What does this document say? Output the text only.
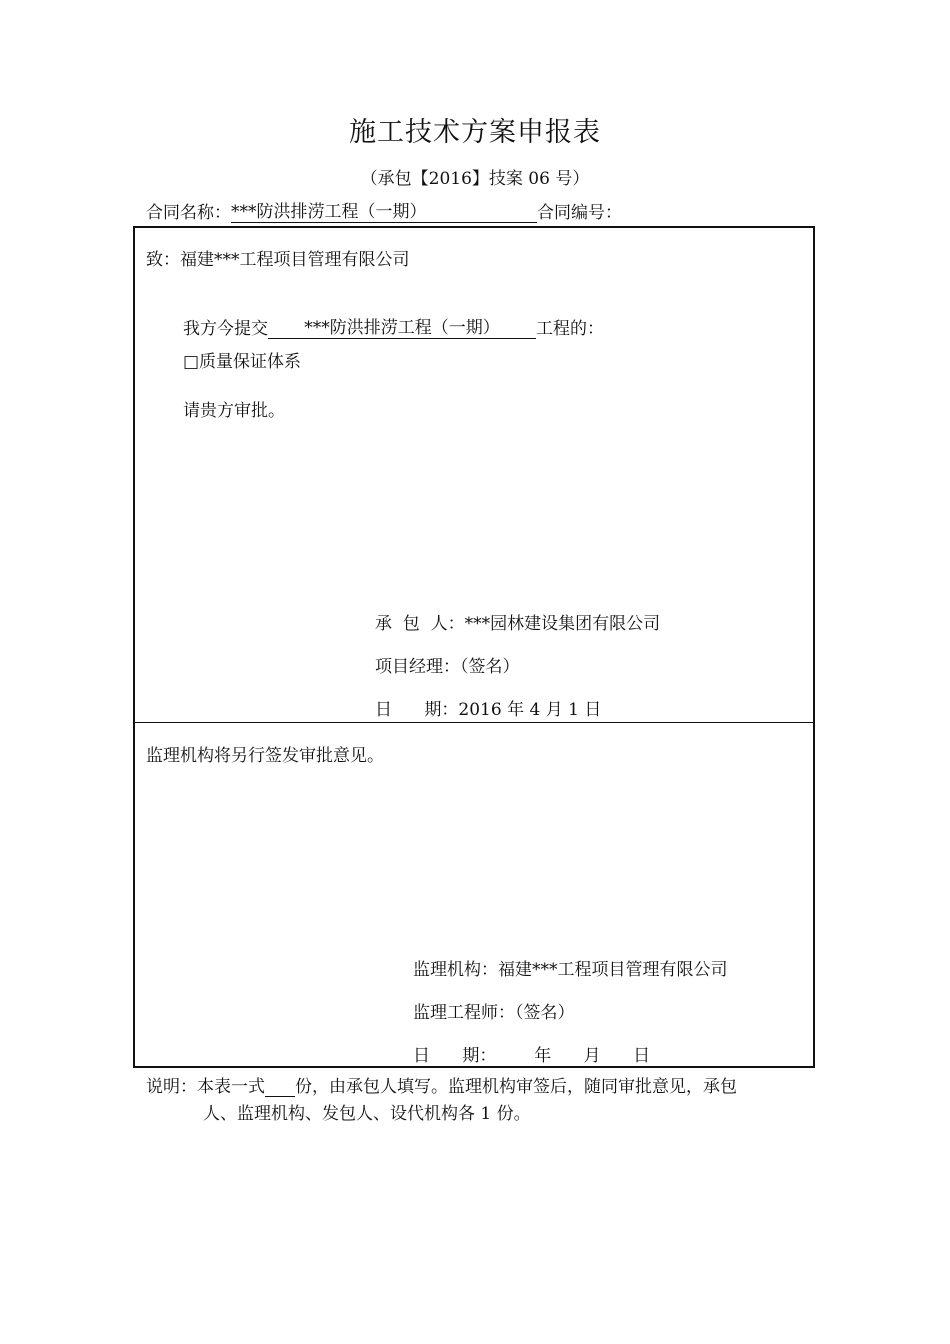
施工技术方案申报表
（承包【2016】技案 06 号）
合同名称： ***防洪排涝工程（一期）	合同编号：
致：福建***工程项目管理有限公司
我方今提交	***防洪排涝工程（一期）	工程的：
□质量保证体系
请贵方审批。
承  包  人：***园林建设集团有限公司
项目经理：（签名）
日      期：2016 年 4 月 1 日
监理机构将另行签发审批意见。
监理机构：福建***工程项目管理有限公司
监理工程师：（签名）
日      期：       年      月      日
说明：本表一式
份，由承包人填写。监理机构审签后，随同审批意见，承包
人、监理机构、发包人、设代机构各 1 份。
